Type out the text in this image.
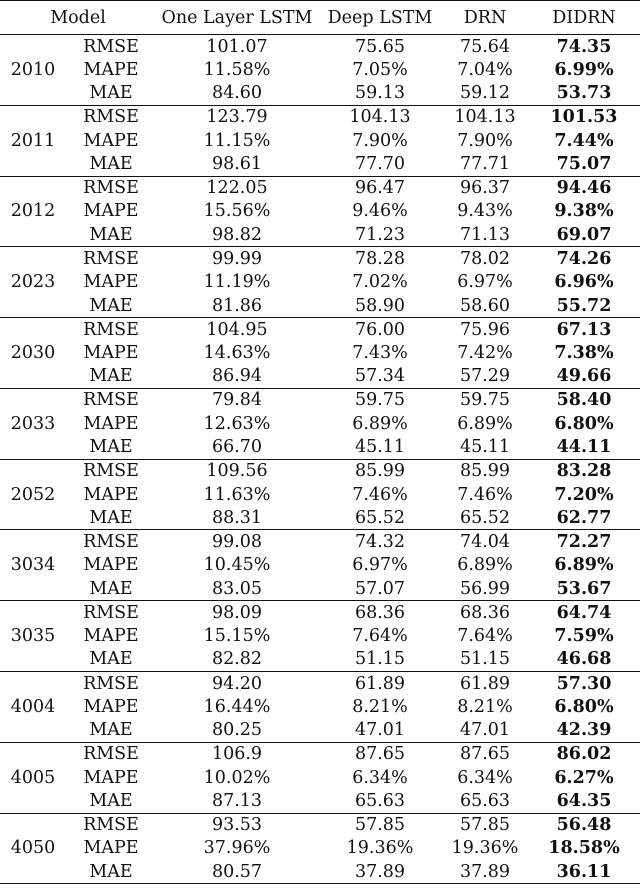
Model		One Layer LSTM	Deep LSTM	DRN	DIDRN
2010	RMSE	101.07	75.65	75.64	74.35
	MAPE	11.58%	7.05%	7.04%	6.99%
	MAE	84.60	59.13	59.12	53.73
2011	RMSE	123.79	104.13	104.13	101.53
	MAPE	11.15%	7.90%	7.90%	7.44%
	MAE	98.61	77.70	77.71	75.07
2012	RMSE	122.05	96.47	96.37	94.46
	MAPE	15.56%	9.46%	9.43%	9.38%
	MAE	98.82	71.23	71.13	69.07
2023	RMSE	99.99	78.28	78.02	74.26
	MAPE	11.19%	7.02%	6.97%	6.96%
	MAE	81.86	58.90	58.60	55.72
2030	RMSE	104.95	76.00	75.96	67.13
	MAPE	14.63%	7.43%	7.42%	7.38%
	MAE	86.94	57.34	57.29	49.66
2033	RMSE	79.84	59.75	59.75	58.40
	MAPE	12.63%	6.89%	6.89%	6.80%
	MAE	66.70	45.11	45.11	44.11
2052	RMSE	109.56	85.99	85.99	83.28
	MAPE	11.63%	7.46%	7.46%	7.20%
	MAE	88.31	65.52	65.52	62.77
3034	RMSE	99.08	74.32	74.04	72.27
	MAPE	10.45%	6.97%	6.89%	6.89%
	MAE	83.05	57.07	56.99	53.67
3035	RMSE	98.09	68.36	68.36	64.74
	MAPE	15.15%	7.64%	7.64%	7.59%
	MAE	82.82	51.15	51.15	46.68
4004	RMSE	94.20	61.89	61.89	57.30
	MAPE	16.44%	8.21%	8.21%	6.80%
	MAE	80.25	47.01	47.01	42.39
4005	RMSE	106.9	87.65	87.65	86.02
	MAPE	10.02%	6.34%	6.34%	6.27%
	MAE	87.13	65.63	65.63	64.35
4050	RMSE	93.53	57.85	57.85	56.48
	MAPE	37.96%	19.36%	19.36%	18.58%
	MAE	80.57	37.89	37.89	36.11
